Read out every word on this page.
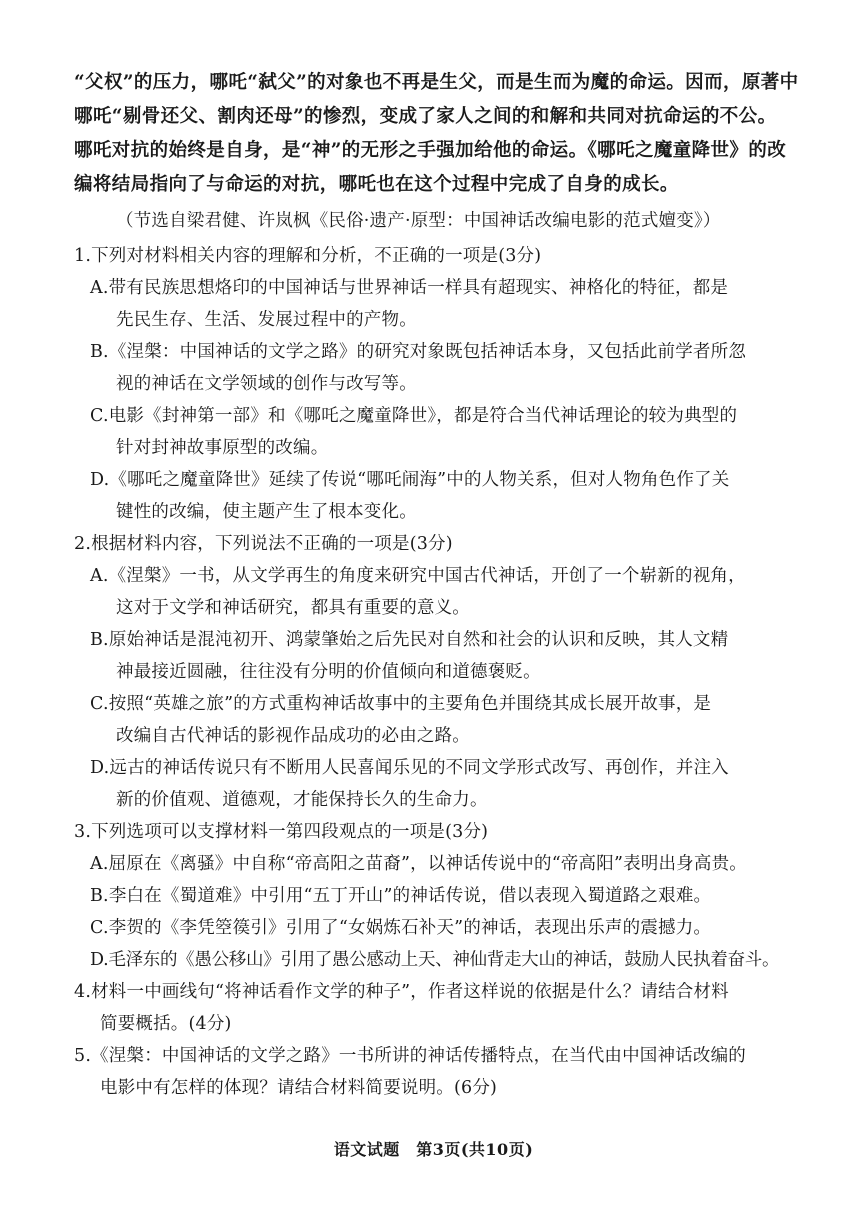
“父权”的压力，哪吒“弑父”的对象也不再是生父，而是生而为魔的命运。因而，原著中
哪吒“剔骨还父、割肉还母”的惨烈，变成了家人之间的和解和共同对抗命运的不公。
哪吒对抗的始终是自身，是“神”的无形之手强加给他的命运。《哪吒之魔童降世》的改
编将结局指向了与命运的对抗，哪吒也在这个过程中完成了自身的成长。
（节选自梁君健、许岚枫《民俗·遗产·原型：中国神话改编电影的范式嬗变》）
1.下列对材料相关内容的理解和分析，不正确的一项是(3分)
A.带有民族思想烙印的中国神话与世界神话一样具有超现实、神格化的特征，都是
先民生存、生活、发展过程中的产物。
B.《涅槃：中国神话的文学之路》的研究对象既包括神话本身，又包括此前学者所忽
视的神话在文学领域的创作与改写等。
C.电影《封神第一部》和《哪吒之魔童降世》，都是符合当代神话理论的较为典型的
针对封神故事原型的改编。
D.《哪吒之魔童降世》延续了传说“哪吒闹海”中的人物关系，但对人物角色作了关
键性的改编，使主题产生了根本变化。
2.根据材料内容，下列说法不正确的一项是(3分)
A.《涅槃》一书，从文学再生的角度来研究中国古代神话，开创了一个崭新的视角，
这对于文学和神话研究，都具有重要的意义。
B.原始神话是混沌初开、鸿蒙肇始之后先民对自然和社会的认识和反映，其人文精
神最接近圆融，往往没有分明的价值倾向和道德褒贬。
C.按照“英雄之旅”的方式重构神话故事中的主要角色并围绕其成长展开故事，是
改编自古代神话的影视作品成功的必由之路。
D.远古的神话传说只有不断用人民喜闻乐见的不同文学形式改写、再创作，并注入
新的价值观、道德观，才能保持长久的生命力。
3.下列选项可以支撑材料一第四段观点的一项是(3分)
A.屈原在《离骚》中自称“帝高阳之苗裔”，以神话传说中的“帝高阳”表明出身高贵。
B.李白在《蜀道难》中引用“五丁开山”的神话传说，借以表现入蜀道路之艰难。
C.李贺的《李凭箜篌引》引用了“女娲炼石补天”的神话，表现出乐声的震撼力。
D.毛泽东的《愚公移山》引用了愚公感动上天、神仙背走大山的神话，鼓励人民执着奋斗。
4.材料一中画线句“将神话看作文学的种子”，作者这样说的依据是什么？请结合材料
简要概括。(4分)
5.《涅槃：中国神话的文学之路》一书所讲的神话传播特点，在当代由中国神话改编的
电影中有怎样的体现？请结合材料简要说明。(6分)
语文试题　第3页(共10页)
